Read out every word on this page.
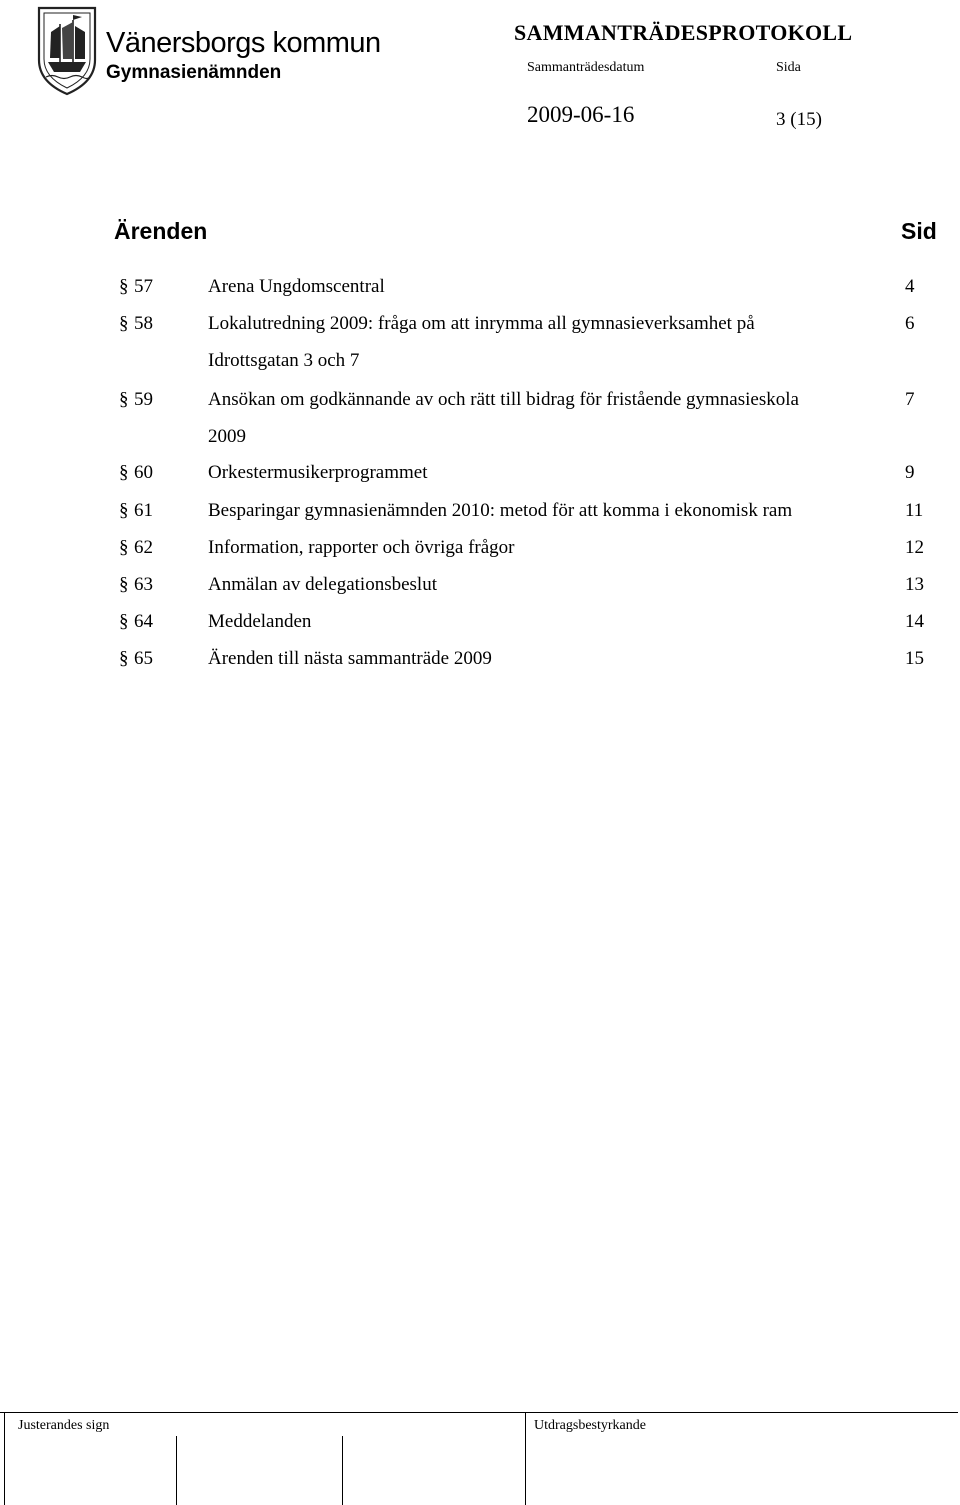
Vänersborgs kommun
Gymnasienämnden
SAMMANTRÄDESPROTOKOLL
Sammanträdesdatum	Sida
2009-06-16	3 (15)
Ärenden	Sid
§ 57	Arena Ungdomscentral	4
§ 58	Lokalutredning 2009: fråga om att inrymma all gymnasieverksamhet på	6
Idrottsgatan 3 och 7
§ 59	Ansökan om godkännande av och rätt till bidrag för fristående gymnasieskola	7
2009
§ 60	Orkestermusikerprogrammet	9
§ 61	Besparingar gymnasienämnden 2010: metod för att komma i ekonomisk ram	11
§ 62	Information, rapporter och övriga frågor	12
§ 63	Anmälan av delegationsbeslut	13
§ 64	Meddelanden	14
§ 65	Ärenden till nästa sammanträde 2009	15
Justerandes sign	Utdragsbestyrkande
